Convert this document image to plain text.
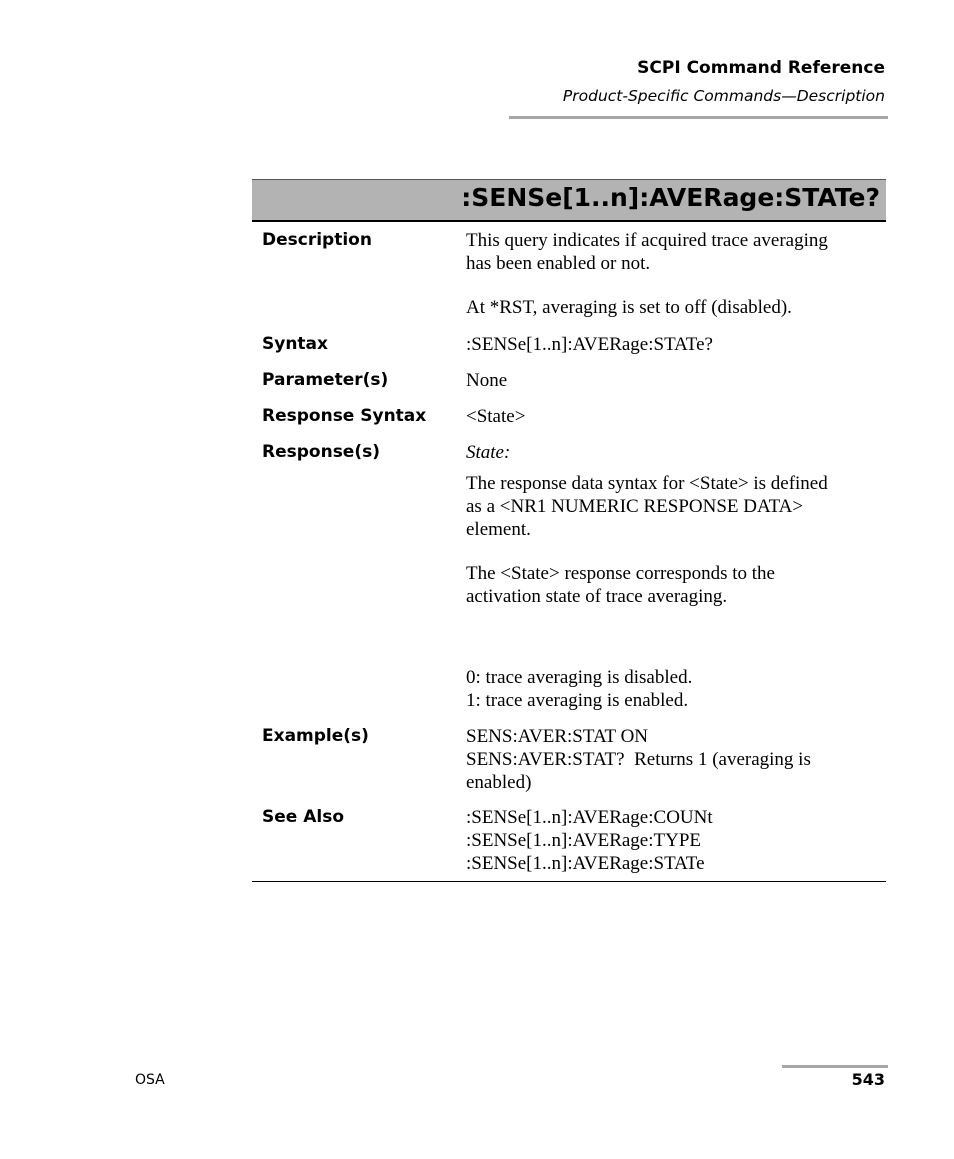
SCPI Command Reference
Product-Specific Commands—Description
:SENSe[1..n]:AVERage:STATe?
Description	This query indicates if acquired trace averaging
has been enabled or not.
At *RST, averaging is set to off (disabled).
Syntax	:SENSe[1..n]:AVERage:STATe?
Parameter(s)	None
Response Syntax <State>
Response(s)	State:
The response data syntax for <State> is defined
as a <NR1 NUMERIC RESPONSE DATA>
element.
The <State> response corresponds to the
activation state of trace averaging.
0: trace averaging is disabled.
1: trace averaging is enabled.
Example(s)	SENS:AVER:STAT ON
SENS:AVER:STAT?  Returns 1 (averaging is
enabled)
See Also	:SENSe[1..n]:AVERage:COUNt
:SENSe[1..n]:AVERage:TYPE
:SENSe[1..n]:AVERage:STATe
OSA	543
